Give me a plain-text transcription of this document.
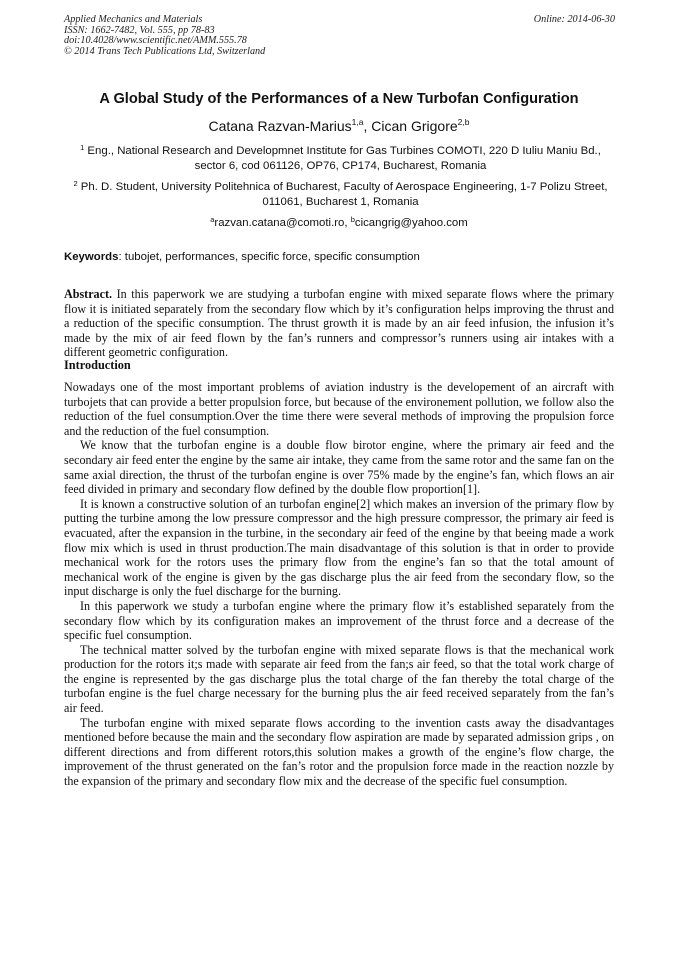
Applied Mechanics and Materials
ISSN: 1662-7482, Vol. 555, pp 78-83
doi:10.4028/www.scientific.net/AMM.555.78
© 2014 Trans Tech Publications Ltd, Switzerland
Online: 2014-06-30
A Global Study of the Performances of a New Turbofan Configuration
Catana Razvan-Marius$^{1,a}$, Cican Grigore$^{2,b}$
$^1$ Eng., National Research and Developmnet Institute for Gas Turbines COMOTI, 220 D Iuliu Maniu Bd., sector 6, cod 061126, OP76, CP174, Bucharest, Romania
$^2$ Ph. D. Student, University Politehnica of Bucharest, Faculty of Aerospace Engineering, 1-7 Polizu Street, 011061, Bucharest 1, Romania
$^a$razvan.catana@comoti.ro, $^b$cicangrig@yahoo.com
Keywords: tubojet, performances, specific force, specific consumption
Abstract. In this paperwork we are studying a turbofan engine with mixed separate flows where the primary flow it is initiated separately from the secondary flow which by it’s configuration helps improving the thrust and a reduction of the specific consumption. The thrust growth it is made by an air feed infusion, the infusion it’s made by the mix of air feed flown by the fan’s runners and compressor’s runners using air intakes with a different geometric configuration.
Introduction

Nowadays one of the most important problems of aviation industry is the developement of an aircraft with turbojets that can provide a better propulsion force, but because of the environement pollution, we follow also the reduction of the fuel consumption.Over the time there were several methods of improving the propulsion force and the reduction of the fuel consumption.

We know that the turbofan engine is a double flow birotor engine, where the primary air feed and the secondary air feed enter the engine by the same air intake, they came from the same rotor and the same fan on the same axial direction, the thrust of the turbofan engine is over 75% made by the engine’s fan, which flows an air feed divided in primary and secondary flow defined by the double flow proportion[1].

It is known a constructive solution of an turbofan engine[2] which makes an inversion of the primary flow by putting the turbine among the low pressure compressor and the high pressure compressor, the primary air feed is evacuated, after the expansion in the turbine, in the secondary air feed of the engine by that beeing made a work flow mix which is used in thrust production.The main disadvantage of this solution is that in order to provide mechanical work for the rotors uses the primary flow from the engine’s fan so that the total amount of mechanical work of the engine is given by the gas discharge plus the air feed from the secondary flow, so the input discharge is only the fuel discharge for the burning.

In this paperwork we study a turbofan engine where the primary flow it’s established separately from the secondary flow which by its configuration makes an improvement of the thrust force and a decrease of the specific fuel consumption.

The technical matter solved by the turbofan engine with mixed separate flows is that the mechanical work production for the rotors it;s made with separate air feed from the fan;s air feed, so that the total work charge of the engine is represented by the gas discharge plus the total charge of the fan thereby the total charge of the turbofan engine is the fuel charge necessary for the burning plus the air feed received separately from the fan’s air feed.

The turbofan engine with mixed separate flows according to the invention casts away the disadvantages mentioned before because the main and the secondary flow aspiration are made by separated admission grips , on different directions and from different rotors,this solution makes a growth of the engine’s flow charge, the improvement of the thrust generated on the fan’s rotor and the propulsion force made in the reaction nozzle by the expansion of the primary and secondary flow mix and the decrease of the specific fuel consumption.
